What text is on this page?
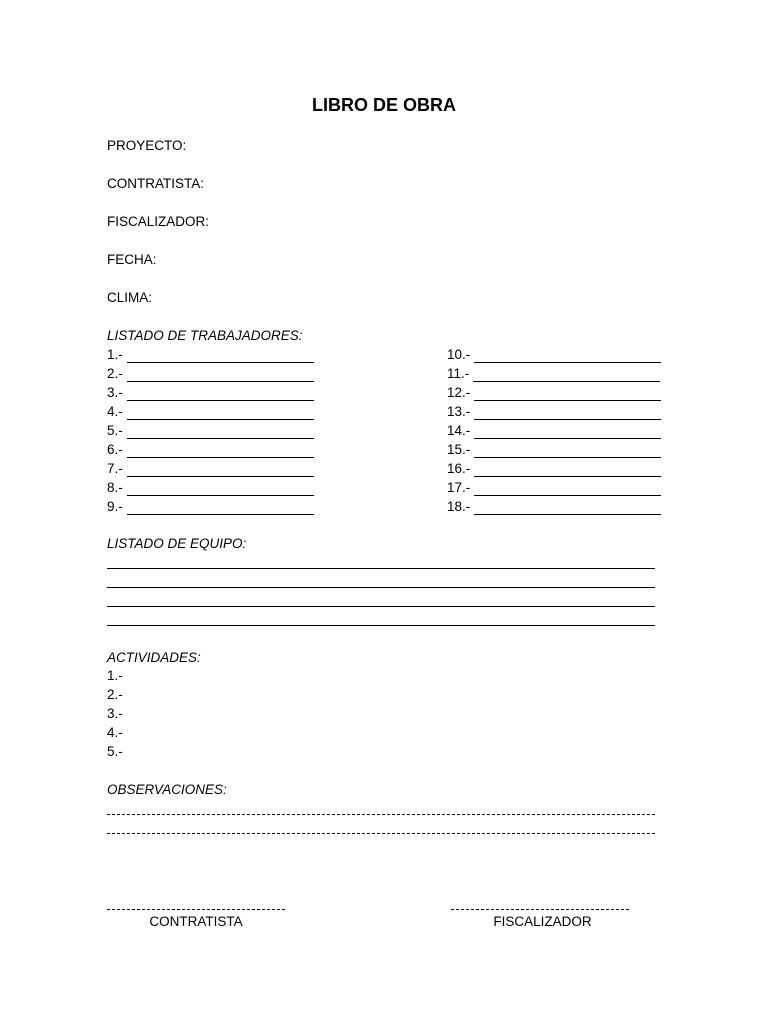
LIBRO DE OBRA
PROYECTO:
CONTRATISTA:
FISCALIZADOR:
FECHA:
CLIMA:
LISTADO DE TRABAJADORES:
1.-
2.-
3.-
4.-
5.-
6.-
7.-
8.-
9.-
10.-
11.-
12.-
13.-
14.-
15.-
16.-
17.-
18.-
LISTADO DE EQUIPO:
ACTIVIDADES:
1.-
2.-
3.-
4.-
5.-
OBSERVACIONES:
CONTRATISTA	FISCALIZADOR
